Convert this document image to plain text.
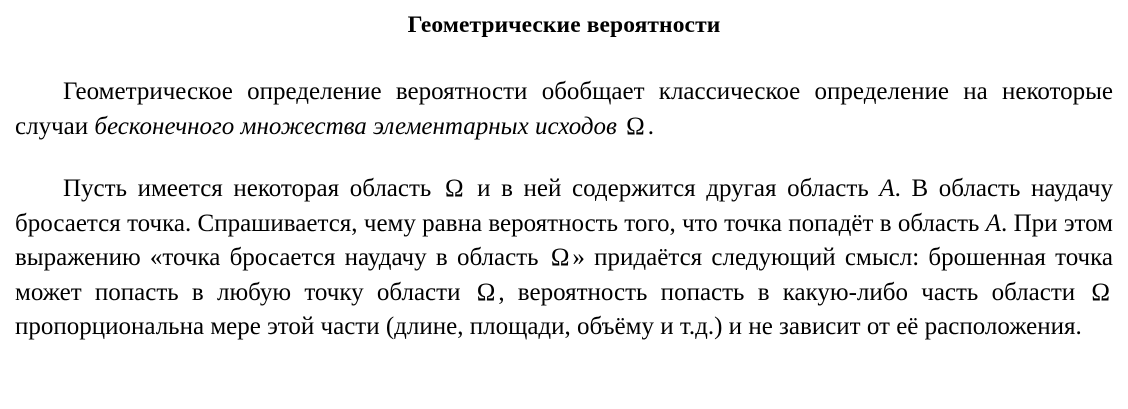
Геометрические вероятности

Геометрическое определение вероятности обобщает классическое определение на некоторые случаи бесконечного множества элементарных исходов Ω .

Пусть имеется некоторая область Ω и в ней содержится другая область A. В область наудачу бросается точка. Спрашивается, чему равна вероятность того, что точка попадёт в область A. При этом выражению «точка бросается наудачу в область Ω » придаётся следующий смысл: брошенная точка может попасть в любую точку области Ω , вероятность попасть в какую-либо часть области Ω пропорциональна мере этой части (длине, площади, объёму и т.д.) и не зависит от её расположения.
